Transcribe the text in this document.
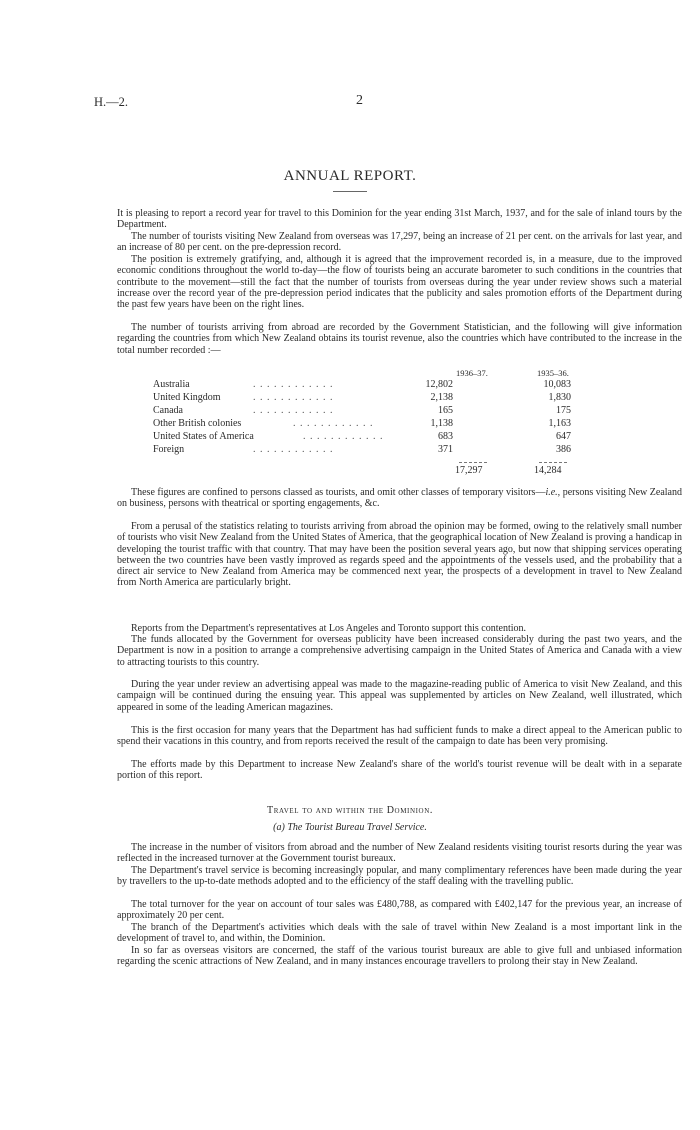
H.—2.	2
ANNUAL REPORT.

It is pleasing to report a record year for travel to this Dominion for the year ending 31st March, 1937, and for the sale of inland tours by the Department.

The number of tourists visiting New Zealand from overseas was 17,297, being an increase of 21 per cent. on the arrivals for last year, and an increase of 80 per cent. on the pre-depression record.

The position is extremely gratifying, and, although it is agreed that the improvement recorded is, in a measure, due to the improved economic conditions throughout the world to-day—the flow of tourists being an accurate barometer to such conditions in the countries that contribute to the movement—still the fact that the number of tourists from overseas during the year under review shows such a material increase over the record year of the pre-depression period indicates that the publicity and sales promotion efforts of the Department during the past few years have been on the right lines.

The number of tourists arriving from abroad are recorded by the Government Statistician, and the following will give information regarding the countries from which New Zealand obtains its tourist revenue, also the countries which have contributed to the increase in the total number recorded :—

1936–37.	1935–36.
Australia	. . . . . . . . . . . .	12,802	10,083
United Kingdom	. . . . . . . . . . . .	2,138	1,830
Canada	. . . . . . . . . . . .	165	175
Other British colonies	. . . . . . . . . . . .	1,138	1,163
United States of America	. . . . . . . . . . . .	683	647
Foreign	. . . . . . . . . . . .	371	386
17,297	14,284

These figures are confined to persons classed as tourists, and omit other classes of temporary visitors—i.e., persons visiting New Zealand on business, persons with theatrical or sporting engagements, &c.

From a perusal of the statistics relating to tourists arriving from abroad the opinion may be formed, owing to the relatively small number of tourists who visit New Zealand from the United States of America, that the geographical location of New Zealand is proving a handicap in developing the tourist traffic with that country. That may have been the position several years ago, but now that shipping services operating between the two countries have been vastly improved as regards speed and the appointments of the vessels used, and the probability that a direct air service to New Zealand from America may be commenced next year, the prospects of a development in travel to New Zealand from North America are particularly bright.

Reports from the Department's representatives at Los Angeles and Toronto support this contention.

The funds allocated by the Government for overseas publicity have been increased considerably during the past two years, and the Department is now in a position to arrange a comprehensive advertising campaign in the United States of America and Canada with a view to attracting tourists to this country.

During the year under review an advertising appeal was made to the magazine-reading public of America to visit New Zealand, and this campaign will be continued during the ensuing year. This appeal was supplemented by articles on New Zealand, well illustrated, which appeared in some of the leading American magazines.

This is the first occasion for many years that the Department has had sufficient funds to make a direct appeal to the American public to spend their vacations in this country, and from reports received the result of the campaign to date has been very promising.

The efforts made by this Department to increase New Zealand's share of the world's tourist revenue will be dealt with in a separate portion of this report.

Travel to and within the Dominion.
(a) The Tourist Bureau Travel Service.

The increase in the number of visitors from abroad and the number of New Zealand residents visiting tourist resorts during the year was reflected in the increased turnover at the Government tourist bureaux.

The Department's travel service is becoming increasingly popular, and many complimentary references have been made during the year by travellers to the up-to-date methods adopted and to the efficiency of the staff dealing with the travelling public.

The total turnover for the year on account of tour sales was £480,788, as compared with £402,147 for the previous year, an increase of approximately 20 per cent.

The branch of the Department's activities which deals with the sale of travel within New Zealand is a most important link in the development of travel to, and within, the Dominion.

In so far as overseas visitors are concerned, the staff of the various tourist bureaux are able to give full and unbiased information regarding the scenic attractions of New Zealand, and in many instances encourage travellers to prolong their stay in New Zealand.
